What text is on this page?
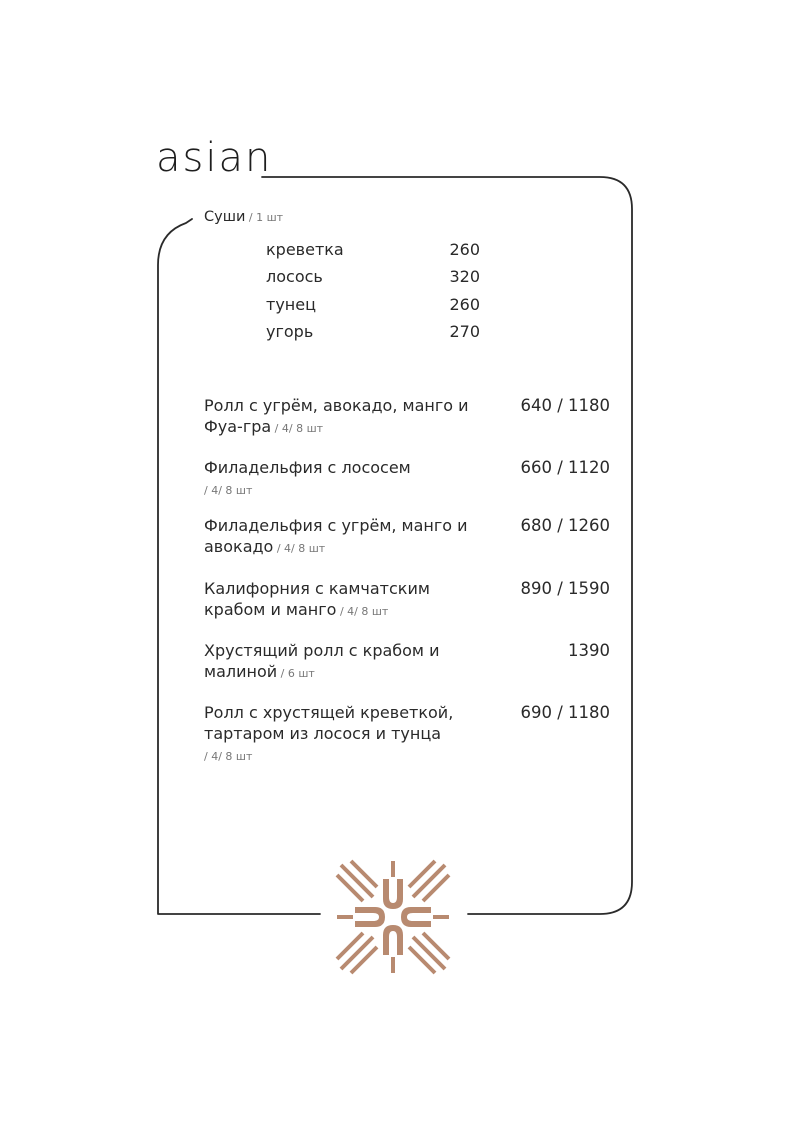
asian
Суши / 1 шт
креветка	260
лосось	320
тунец	260
угорь	270
Ролл с угрём, авокадо, манго и Фуа-гра / 4/ 8 шт
640 / 1180
Филадельфия с лососем
/ 4/ 8 шт
660 / 1120
Филадельфия с угрём, манго и авокадо / 4/ 8 шт
680 / 1260
Калифорния с камчатским крабом и манго / 4/ 8 шт
890 / 1590
Хрустящий ролл с крабом и малиной / 6 шт
1390
Ролл с хрустящей креветкой, тартаром из лосося и тунца
/ 4/ 8 шт
690 / 1180
